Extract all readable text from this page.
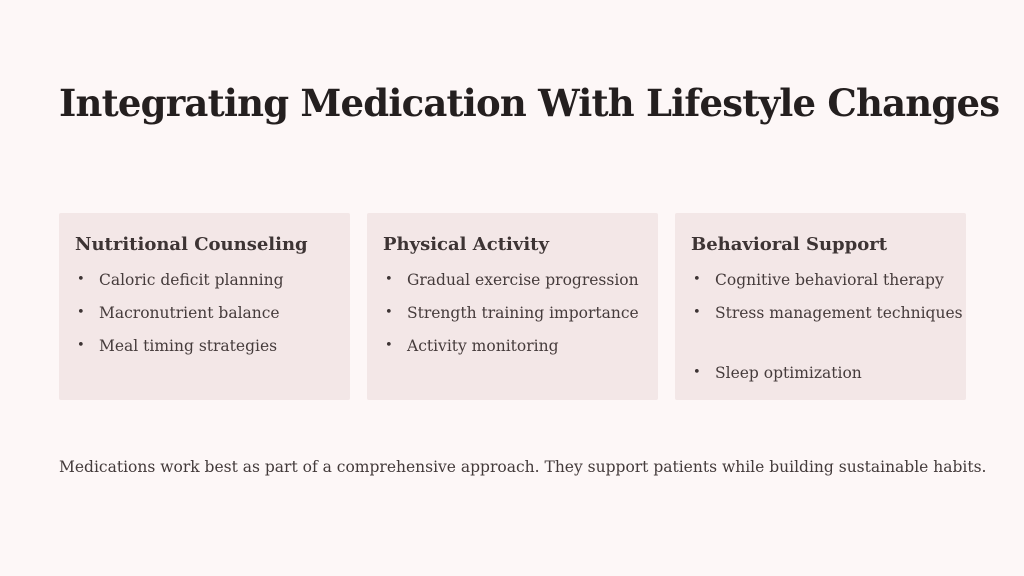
Integrating Medication With Lifestyle Changes
Nutritional Counseling
• Caloric deficit planning
• Macronutrient balance
• Meal timing strategies
Physical Activity
• Gradual exercise progression
• Strength training importance
• Activity monitoring
Behavioral Support
• Cognitive behavioral therapy
• Stress management techniques
• Sleep optimization

Medications work best as part of a comprehensive approach. They support patients while building sustainable habits.
